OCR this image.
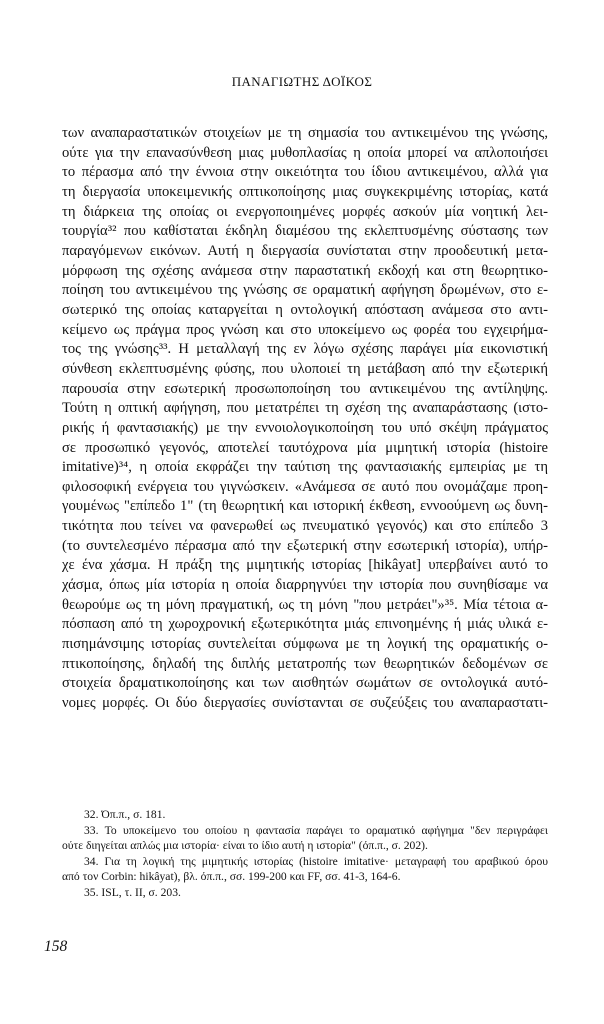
ΠΑΝΑΓΙΩΤΗΣ ΔΟΪΚΟΣ
των αναπαραστατικών στοιχείων με τη σημασία του αντικειμένου της γνώσης,
ούτε για την επανασύνθεση μιας μυθοπλασίας η οποία μπορεί να απλοποιήσει
το πέρασμα από την έννοια στην οικειότητα του ίδιου αντικειμένου, αλλά για
τη διεργασία υποκειμενικής οπτικοποίησης μιας συγκεκριμένης ιστορίας, κατά
τη διάρκεια της οποίας οι ενεργοποιημένες μορφές ασκούν μία νοητική λει-
τουργία³² που καθίσταται έκδηλη διαμέσου της εκλεπτυσμένης σύστασης των
παραγόμενων εικόνων. Αυτή η διεργασία συνίσταται στην προοδευτική μετα-
μόρφωση της σχέσης ανάμεσα στην παραστατική εκδοχή και στη θεωρητικο-
ποίηση του αντικειμένου της γνώσης σε οραματική αφήγηση δρωμένων, στο ε-
σωτερικό της οποίας καταργείται η οντολογική απόσταση ανάμεσα στο αντι-
κείμενο ως πράγμα προς γνώση και στο υποκείμενο ως φορέα του εγχειρήμα-
τος της γνώσης³³. Η μεταλλαγή της εν λόγω σχέσης παράγει μία εικονιστική
σύνθεση εκλεπτυσμένης φύσης, που υλοποιεί τη μετάβαση από την εξωτερική
παρουσία στην εσωτερική προσωποποίηση του αντικειμένου της αντίληψης.
Τούτη η οπτική αφήγηση, που μετατρέπει τη σχέση της αναπαράστασης (ιστο-
ρικής ή φαντασιακής) με την εννοιολογικοποίηση του υπό σκέψη πράγματος
σε προσωπικό γεγονός, αποτελεί ταυτόχρονα μία μιμητική ιστορία (histoire
imitative)³⁴, η οποία εκφράζει την ταύτιση της φαντασιακής εμπειρίας με τη
φιλοσοφική ενέργεια του γιγνώσκειν. «Ανάμεσα σε αυτό που ονομάζαμε προη-
γουμένως "επίπεδο 1" (τη θεωρητική και ιστορική έκθεση, εννοούμενη ως δυνη-
τικότητα που τείνει να φανερωθεί ως πνευματικό γεγονός) και στο επίπεδο 3
(το συντελεσμένο πέρασμα από την εξωτερική στην εσωτερική ιστορία), υπήρ-
χε ένα χάσμα. Η πράξη της μιμητικής ιστορίας [hikâyat] υπερβαίνει αυτό το
χάσμα, όπως μία ιστορία η οποία διαρρηγνύει την ιστορία που συνηθίσαμε να
θεωρούμε ως τη μόνη πραγματική, ως τη μόνη "που μετράει"»³⁵. Μία τέτοια α-
πόσπαση από τη χωροχρονική εξωτερικότητα μιάς επινοημένης ή μιάς υλικά ε-
πισημάνσιμης ιστορίας συντελείται σύμφωνα με τη λογική της οραματικής ο-
πτικοποίησης, δηλαδή της διπλής μετατροπής των θεωρητικών δεδομένων σε
στοιχεία δραματικοποίησης και των αισθητών σωμάτων σε οντολογικά αυτό-
νομες μορφές. Οι δύο διεργασίες συνίστανται σε συζεύξεις του αναπαραστατι-
32. Όπ.π., σ. 181.
33. Το υποκείμενο του οποίου η φαντασία παράγει το οραματικό αφήγημα "δεν περιγράφει
ούτε διηγείται απλώς μια ιστορία· είναι το ίδιο αυτή η ιστορία" (όπ.π., σ. 202).
34. Για τη λογική της μιμητικής ιστορίας (histoire imitative· μεταγραφή του αραβικού όρου
από τον Corbin: hikâyat), βλ. όπ.π., σσ. 199-200 και FF, σσ. 41-3, 164-6.
35. ISL, τ. II, σ. 203.
158
